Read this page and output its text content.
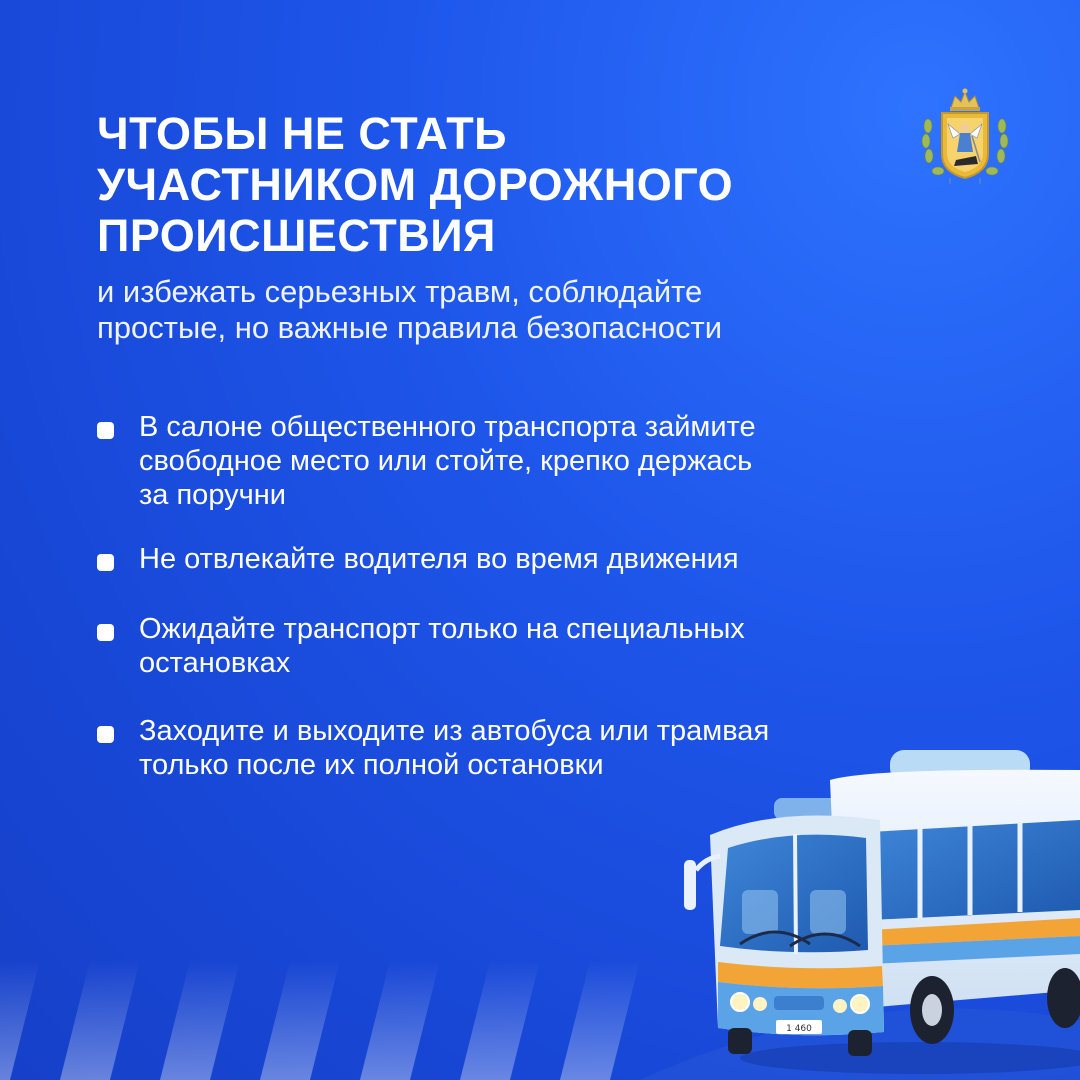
ЧТОБЫ НЕ СТАТЬ
УЧАСТНИКОМ ДОРОЖНОГО
ПРОИСШЕСТВИЯ
и избежать серьезных травм, соблюдайте
простые, но важные правила безопасности
В салоне общественного транспорта займите
свободное место или стойте, крепко держась
за поручни
Не отвлекайте водителя во время движения
Ожидайте транспорт только на специальных
остановках
Заходите и выходите из автобуса или трамвая
только после их полной остановки
1 460
